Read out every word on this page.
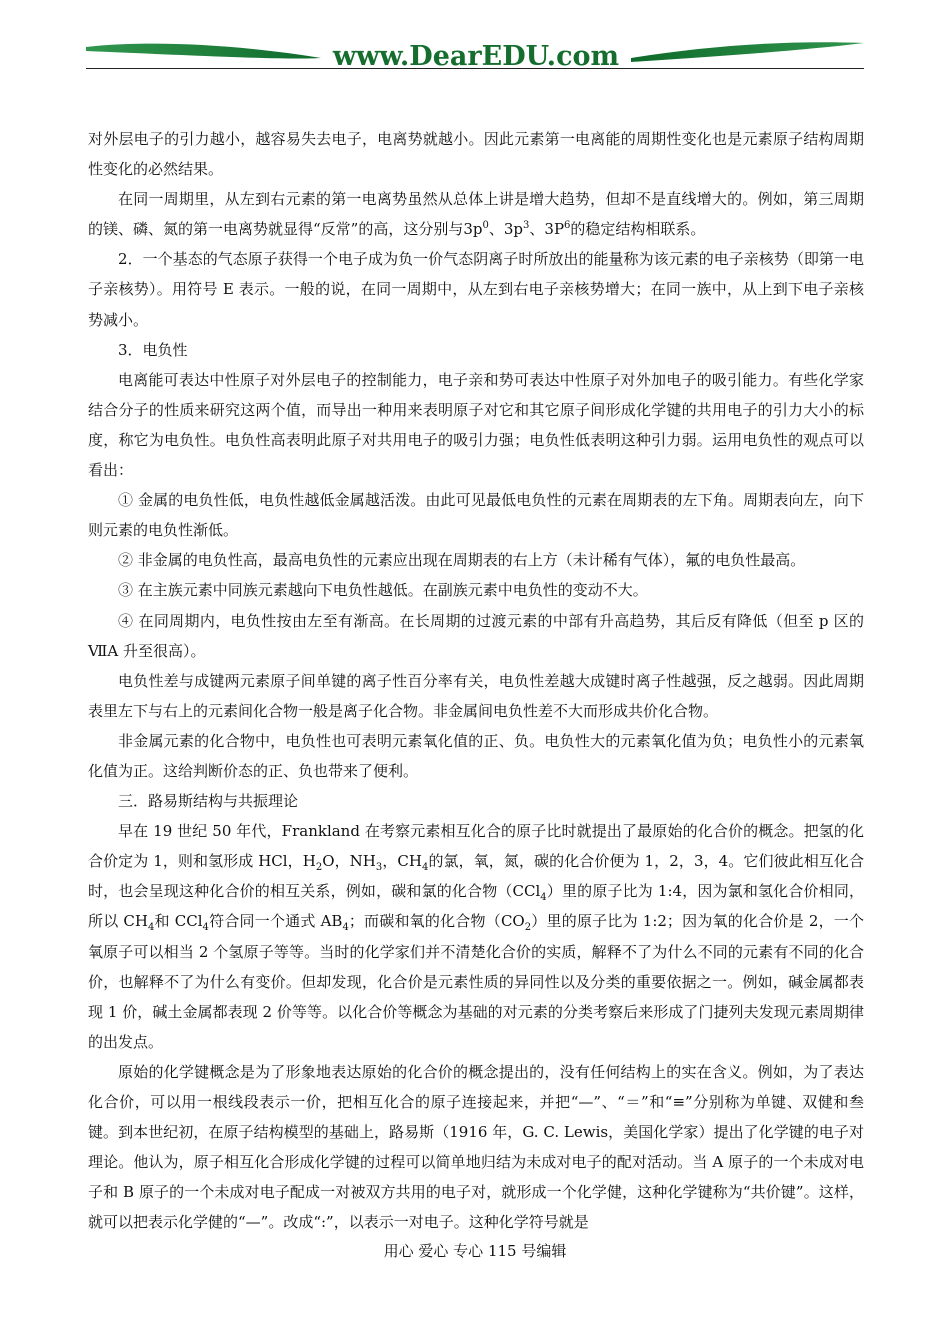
www.DearEDU.com

对外层电子的引力越小，越容易失去电子，电离势就越小。因此元素第一电离能的周期性变化也是元素原子结构周期性变化的必然结果。

在同一周期里，从左到右元素的第一电离势虽然从总体上讲是增大趋势，但却不是直线增大的。例如，第三周期的镁、磷、氮的第一电离势就显得“反常”的高，这分别与$3p^0$、$3p^3$、$3P^6$的稳定结构相联系。

2．一个基态的气态原子获得一个电子成为负一价气态阴离子时所放出的能量称为该元素的电子亲核势（即第一电子亲核势）。用符号 E 表示。一般的说，在同一周期中，从左到右电子亲核势增大；在同一族中，从上到下电子亲核势减小。

3．电负性

电离能可表达中性原子对外层电子的控制能力，电子亲和势可表达中性原子对外加电子的吸引能力。有些化学家结合分子的性质来研究这两个值，而导出一种用来表明原子对它和其它原子间形成化学键的共用电子的引力大小的标度，称它为电负性。电负性高表明此原子对共用电子的吸引力强；电负性低表明这种引力弱。运用电负性的观点可以看出：

① 金属的电负性低，电负性越低金属越活泼。由此可见最低电负性的元素在周期表的左下角。周期表向左，向下则元素的电负性渐低。

② 非金属的电负性高，最高电负性的元素应出现在周期表的右上方（未计稀有气体），氟的电负性最高。

③ 在主族元素中同族元素越向下电负性越低。在副族元素中电负性的变动不大。

④ 在同周期内，电负性按由左至有渐高。在长周期的过渡元素的中部有升高趋势，其后反有降低（但至 p 区的ⅦA 升至很高）。

电负性差与成键两元素原子间单键的离子性百分率有关，电负性差越大成键时离子性越强，反之越弱。因此周期表里左下与右上的元素间化合物一般是离子化合物。非金属间电负性差不大而形成共价化合物。

非金属元素的化合物中，电负性也可表明元素氧化值的正、负。电负性大的元素氧化值为负；电负性小的元素氧化值为正。这给判断价态的正、负也带来了便利。

三．路易斯结构与共振理论

早在 19 世纪 50 年代，Frankland 在考察元素相互化合的原子比时就提出了最原始的化合价的概念。把氢的化合价定为 1，则和氢形成 HCl，$H_2O$，$NH_3$，$CH_4$的氯，氧，氮，碳的化合价便为 1，2，3，4。它们彼此相互化合时，也会呈现这种化合价的相互关系，例如，碳和氯的化合物（CCl$_4$）里的原子比为 1:4，因为氯和氢化合价相同，所以 $CH_4$和 CCl$_4$符合同一个通式 $AB_4$；而碳和氧的化合物$(CO_2)$里的原子比为 1:2；因为氧的化合价是 2，一个氧原子可以相当 2 个氢原子等等。当时的化学家们并不清楚化合价的实质，解释不了为什么不同的元素有不同的化合价，也解释不了为什么有变价。但却发现，化合价是元素性质的异同性以及分类的重要依据之一。例如，碱金属都表现 1 价，碱土金属都表现 2 价等等。以化合价等概念为基础的对元素的分类考察后来形成了门捷列夫发现元素周期律的出发点。

原始的化学键概念是为了形象地表达原始的化合价的概念提出的，没有任何结构上的实在含义。例如，为了表达化合价，可以用一根线段表示一价，把相互化合的原子连接起来，并把“—”、“＝”和“≡”分别称为单键、双健和叁键。到本世纪初，在原子结构模型的基础上，路易斯（1916 年，G. C. Lewis，美国化学家）提出了化学键的电子对理论。他认为，原子相互化合形成化学键的过程可以简单地归结为未成对电子的配对活动。当 A 原子的一个未成对电子和 B 原子的一个未成对电子配成一对被双方共用的电子对，就形成一个化学健，这种化学键称为“共价键”。这样，就可以把表示化学健的“—”。改成“:”，以表示一对电子。这种化学符号就是

用心 爱心 专心 115 号编辑
